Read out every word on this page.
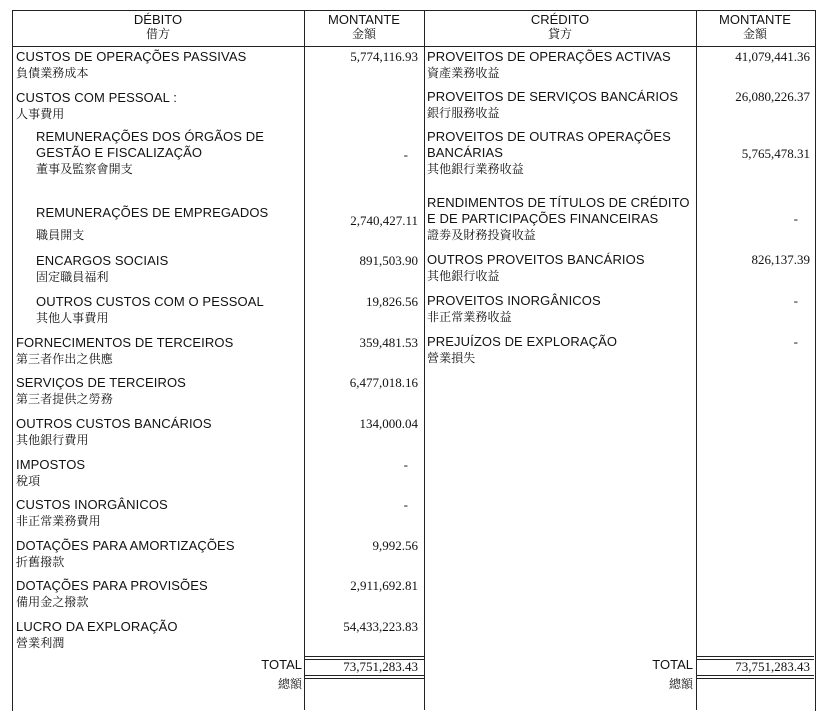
DÉBITO
借方
MONTANTE
金額
CRÉDITO
貸方
MONTANTE
金額
CUSTOS DE OPERAÇÕES PASSIVAS
負債業務成本
5,774,116.93
CUSTOS COM PESSOAL :
人事費用
REMUNERAÇÕES DOS ÓRGÃOS DE
GESTÃO E FISCALIZAÇÃO
董事及監察會開支
-
REMUNERAÇÕES DE EMPREGADOS
職員開支
2,740,427.11
ENCARGOS SOCIAIS
固定職員福利
891,503.90
OUTROS CUSTOS COM O PESSOAL
其他人事費用
19,826.56
FORNECIMENTOS DE TERCEIROS
第三者作出之供應
359,481.53
SERVIÇOS DE TERCEIROS
第三者提供之勞務
6,477,018.16
OUTROS CUSTOS BANCÁRIOS
其他銀行費用
134,000.04
IMPOSTOS
稅項
-
CUSTOS INORGÂNICOS
非正常業務費用
-
DOTAÇÕES PARA AMORTIZAÇÕES
折舊撥款
9,992.56
DOTAÇÕES PARA PROVISÕES
備用金之撥款
2,911,692.81
LUCRO DA EXPLORAÇÃO
營業利潤
54,433,223.83
PROVEITOS DE OPERAÇÕES ACTIVAS
資產業務收益
41,079,441.36
PROVEITOS DE SERVIÇOS BANCÁRIOS
銀行服務收益
26,080,226.37
PROVEITOS DE OUTRAS OPERAÇÕES
BANCÁRIAS
其他銀行業務收益
5,765,478.31
RENDIMENTOS DE TÍTULOS DE CRÉDITO
E DE PARTICIPAÇÕES FINANCEIRAS
證劵及財務投資收益
-
OUTROS PROVEITOS BANCÁRIOS
其他銀行收益
826,137.39
PROVEITOS INORGÂNICOS
非正常業務收益
-
PREJUÍZOS DE EXPLORAÇÃO
營業損失
-
TOTAL
總額
73,751,283.43	TOTAL
總額
73,751,283.43
